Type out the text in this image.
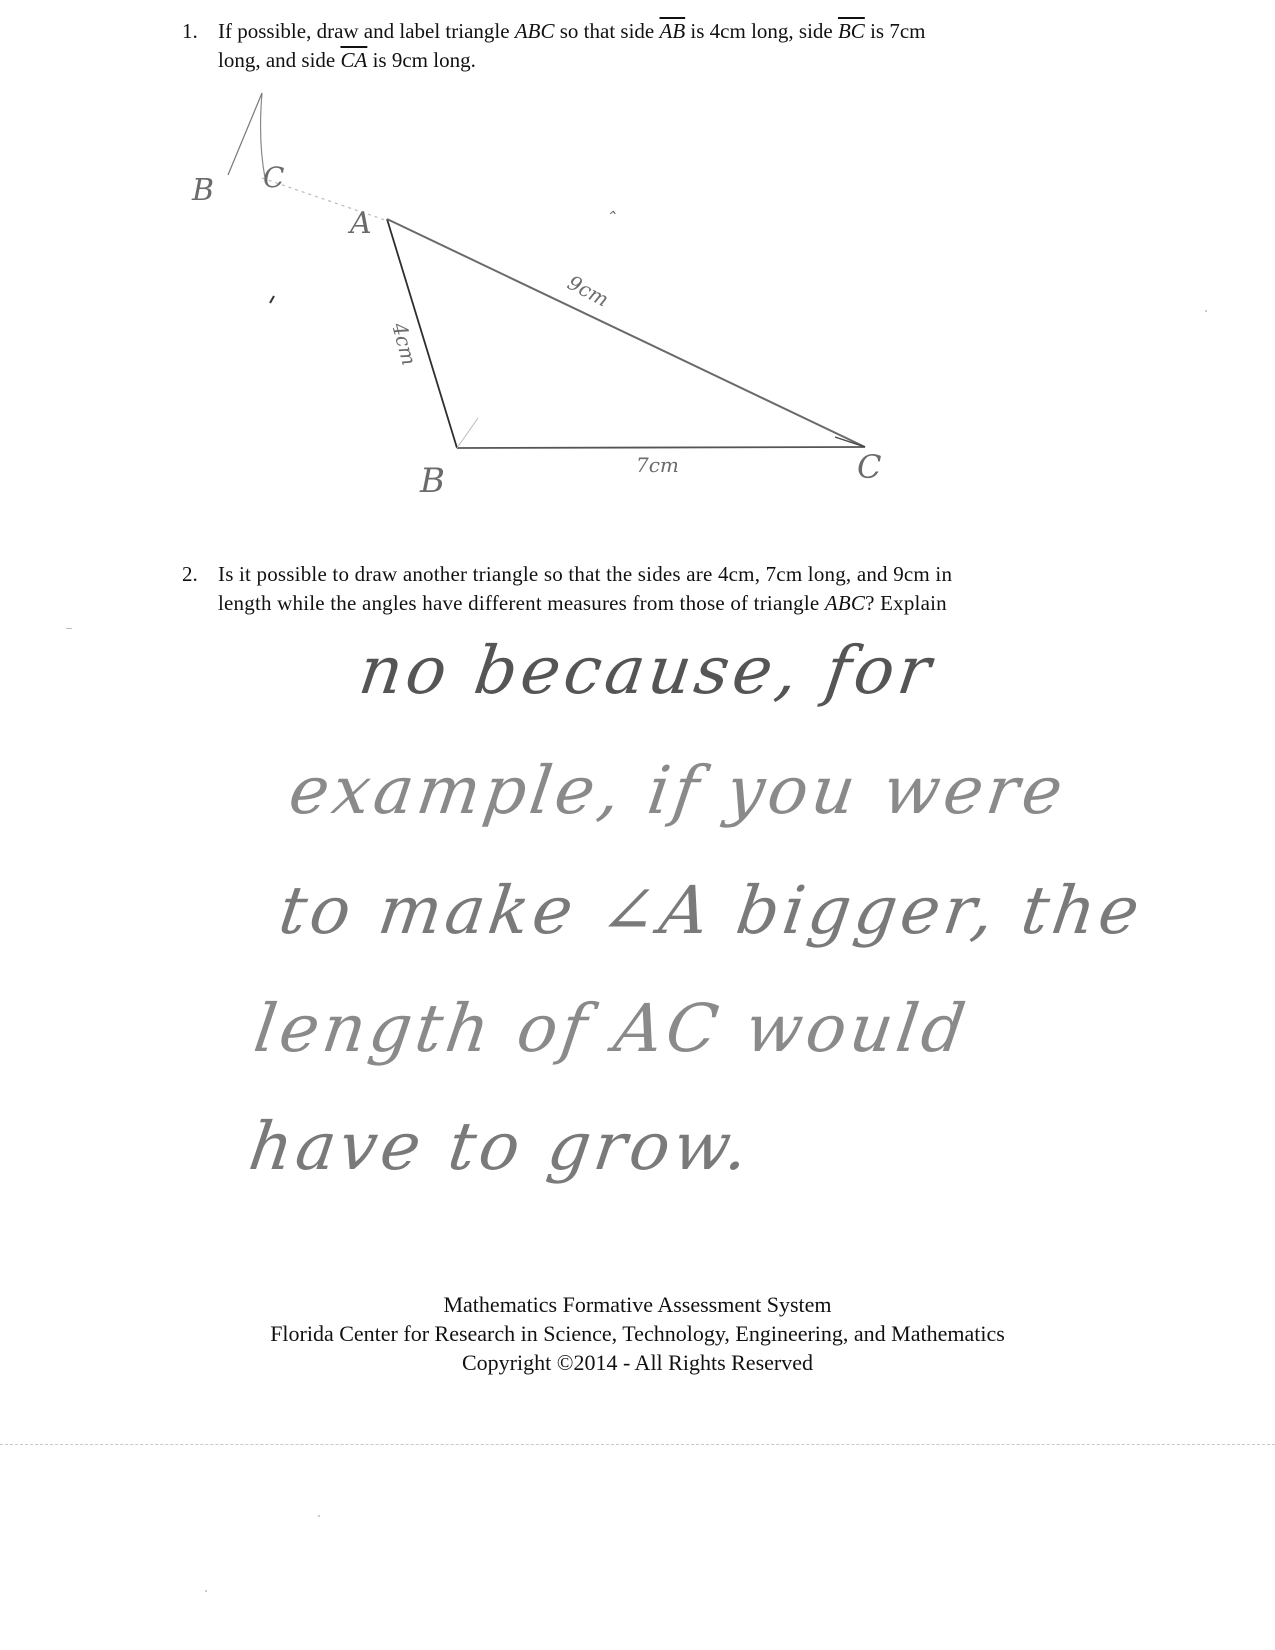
1. If possible, draw and label triangle ABC so that side $\overline{AB}$ is 4cm long, side $\overline{BC}$ is 7cm
long, and side $\overline{CA}$ is 9cm long.
B C
A
B	C
4cm
9cm
7cm
⌃
2. Is it possible to draw another triangle so that the sides are 4cm, 7cm long, and 9cm in
length while the angles have different measures from those of triangle ABC? Explain
no because, for
example, if you were
to make ∠A bigger, the
length of AC would
have to grow.
Mathematics Formative Assessment System
Florida Center for Research in Science, Technology, Engineering, and Mathematics
Copyright ©2014 - All Rights Reserved
